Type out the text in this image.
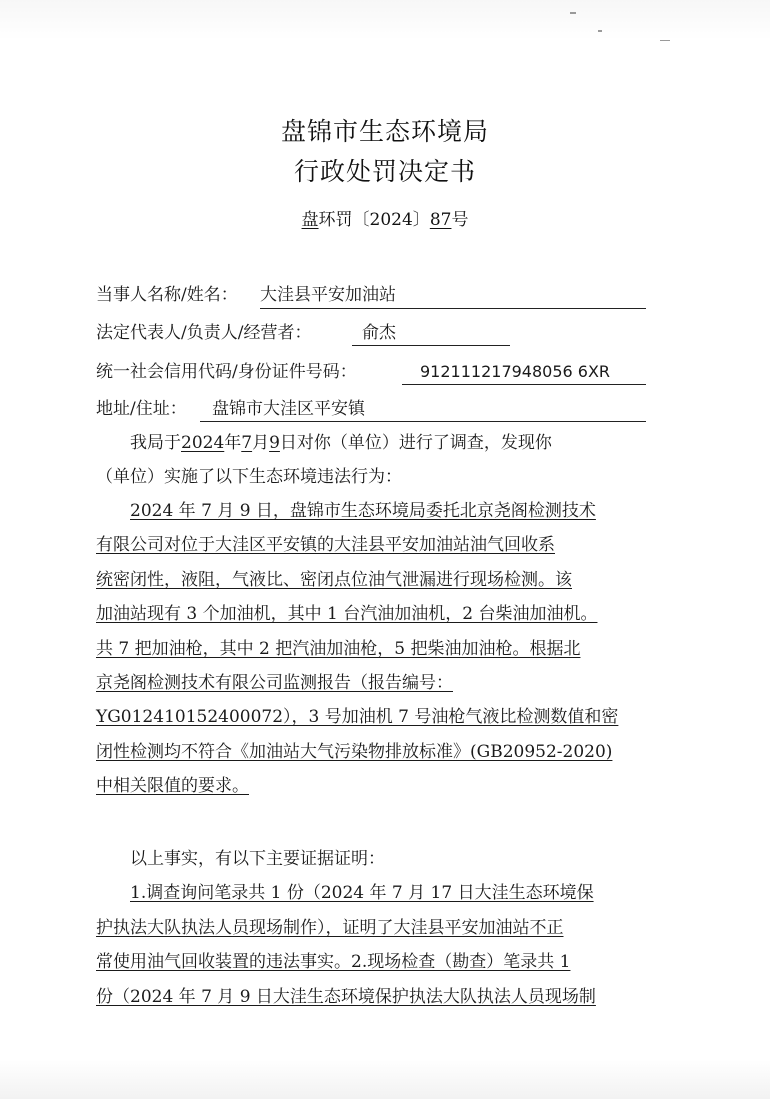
盘锦市生态环境局
行政处罚决定书
盘环罚〔2024〕87号
当事人名称/姓名： 大洼县平安加油站
法定代表人/负责人/经营者：	俞杰
统一社会信用代码/身份证件号码：	912111217948056 6XR
地址/住址：	盘锦市大洼区平安镇
我局于2024年7月9日对你（单位）进行了调查，发现你
（单位）实施了以下生态环境违法行为：
2024 年 7 月 9 日，盘锦市生态环境局委托北京尧阁检测技术
有限公司对位于大洼区平安镇的大洼县平安加油站油气回收系
统密闭性，液阻，气液比、密闭点位油气泄漏进行现场检测。该
加油站现有 3 个加油机，其中 1 台汽油加油机，2 台柴油加油机。
共 7 把加油枪，其中 2 把汽油加油枪，5 把柴油加油枪。根据北
京尧阁检测技术有限公司监测报告（报告编号：
YG012410152400072），3 号加油机 7 号油枪气液比检测数值和密
闭性检测均不符合《加油站大气污染物排放标准》(GB20952-2020)
中相关限值的要求。
以上事实，有以下主要证据证明：
1.调查询问笔录共 1 份（2024 年 7 月 17 日大洼生态环境保
护执法大队执法人员现场制作），证明了大洼县平安加油站不正
常使用油气回收装置的违法事实。2.现场检查（勘查）笔录共 1
份（2024 年 7 月 9 日大洼生态环境保护执法大队执法人员现场制
